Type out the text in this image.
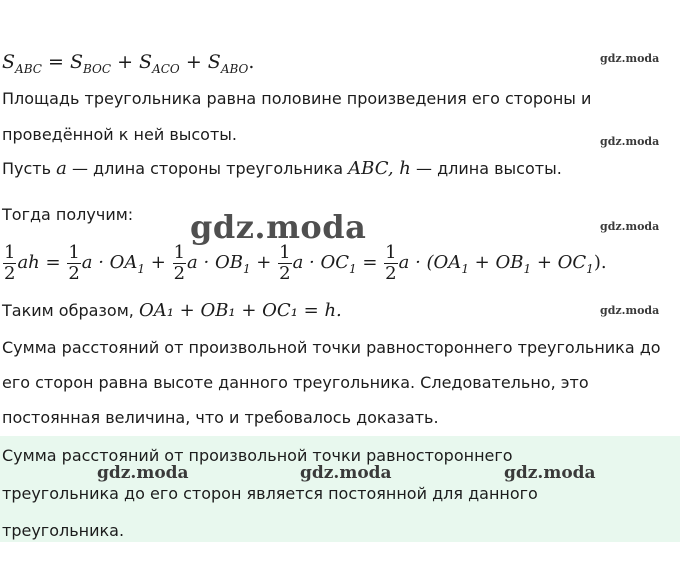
$S_{ABC} = S_{BOC} + S_{ACO} + S_{ABO}$.
Площадь треугольника равна половине произведения его стороны и
проведённой к ней высоты.
Пусть a — длина стороны треугольника ABC, h — длина высоты.
Тогда получим:
$\frac{1}{2}$ ah = $\frac{1}{2}$ $a \cdot OA_1 + \frac{1}{2}$ $a \cdot OB_1 + \frac{1}{2}$ $a \cdot OC_1 = \frac{1}{2}$ $a \cdot (OA_1 + OB_1 + OC_1)$.
Таким образом, OA₁ + OB₁ + OC₁ = h.
Сумма расстояний от произвольной точки равностороннего треугольника до
его сторон равна высоте данного треугольника. Следовательно, это
постоянная величина, что и требовалось доказать.
Сумма расстояний от произвольной точки равностороннего
треугольника до его сторон является постоянной для данного
треугольника.
gdz.moda
gdz.moda
gdz.moda
gdz.moda
gdz.moda
gdz.moda	gdz.moda	gdz.moda
